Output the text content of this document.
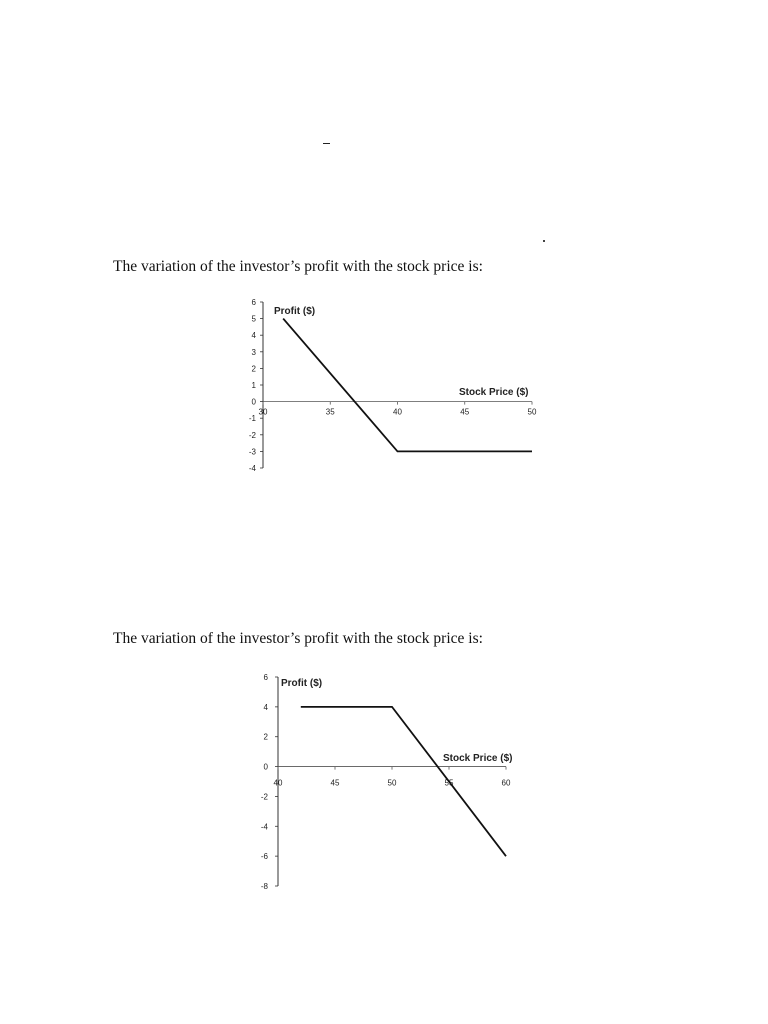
The variation of the investor’s profit with the stock price is:
6
5
4
3
2
1
0
-1
-2
-3
-4
30	35	40	45	50
Profit ($)
Stock Price ($)
The variation of the investor’s profit with the stock price is:
6
4
2
0
-2
-4
-6
-8
40	45	50	55	60
Profit ($)
Stock Price ($)
